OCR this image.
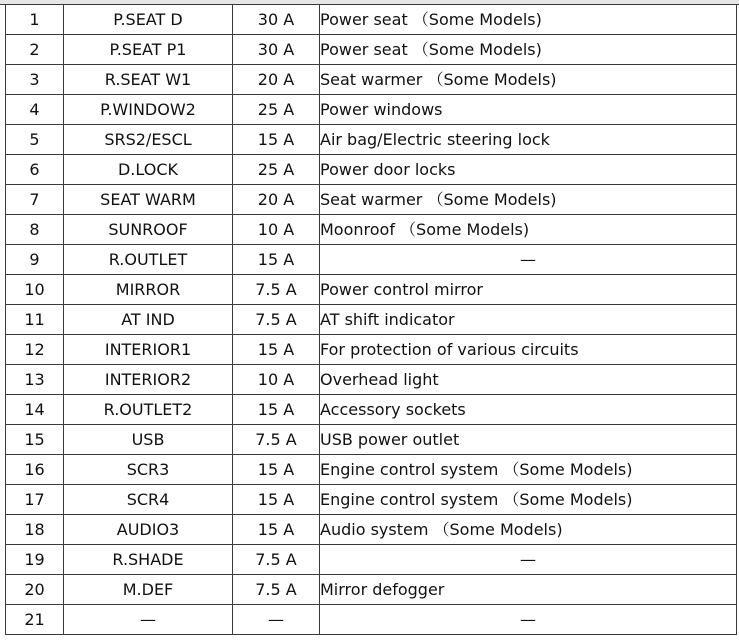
1	P.SEAT D	30 A	Power seat （Some Models)
2	P.SEAT P1	30 A	Power seat （Some Models)
3	R.SEAT W1	20 A	Seat warmer （Some Models)
4	P.WINDOW2	25 A	Power windows
5	SRS2/ESCL	15 A	Air bag/Electric steering lock
6	D.LOCK	25 A	Power door locks
7	SEAT WARM	20 A	Seat warmer （Some Models)
8	SUNROOF	10 A	Moonroof （Some Models)
9	R.OUTLET	15 A	—
10	MIRROR	7.5 A	Power control mirror
11	AT IND	7.5 A	AT shift indicator
12	INTERIOR1	15 A	For protection of various circuits
13	INTERIOR2	10 A	Overhead light
14	R.OUTLET2	15 A	Accessory sockets
15	USB	7.5 A	USB power outlet
16	SCR3	15 A	Engine control system （Some Models)
17	SCR4	15 A	Engine control system （Some Models)
18	AUDIO3	15 A	Audio system （Some Models)
19	R.SHADE	7.5 A	—
20	M.DEF	7.5 A	Mirror defogger
21	—	—	—
